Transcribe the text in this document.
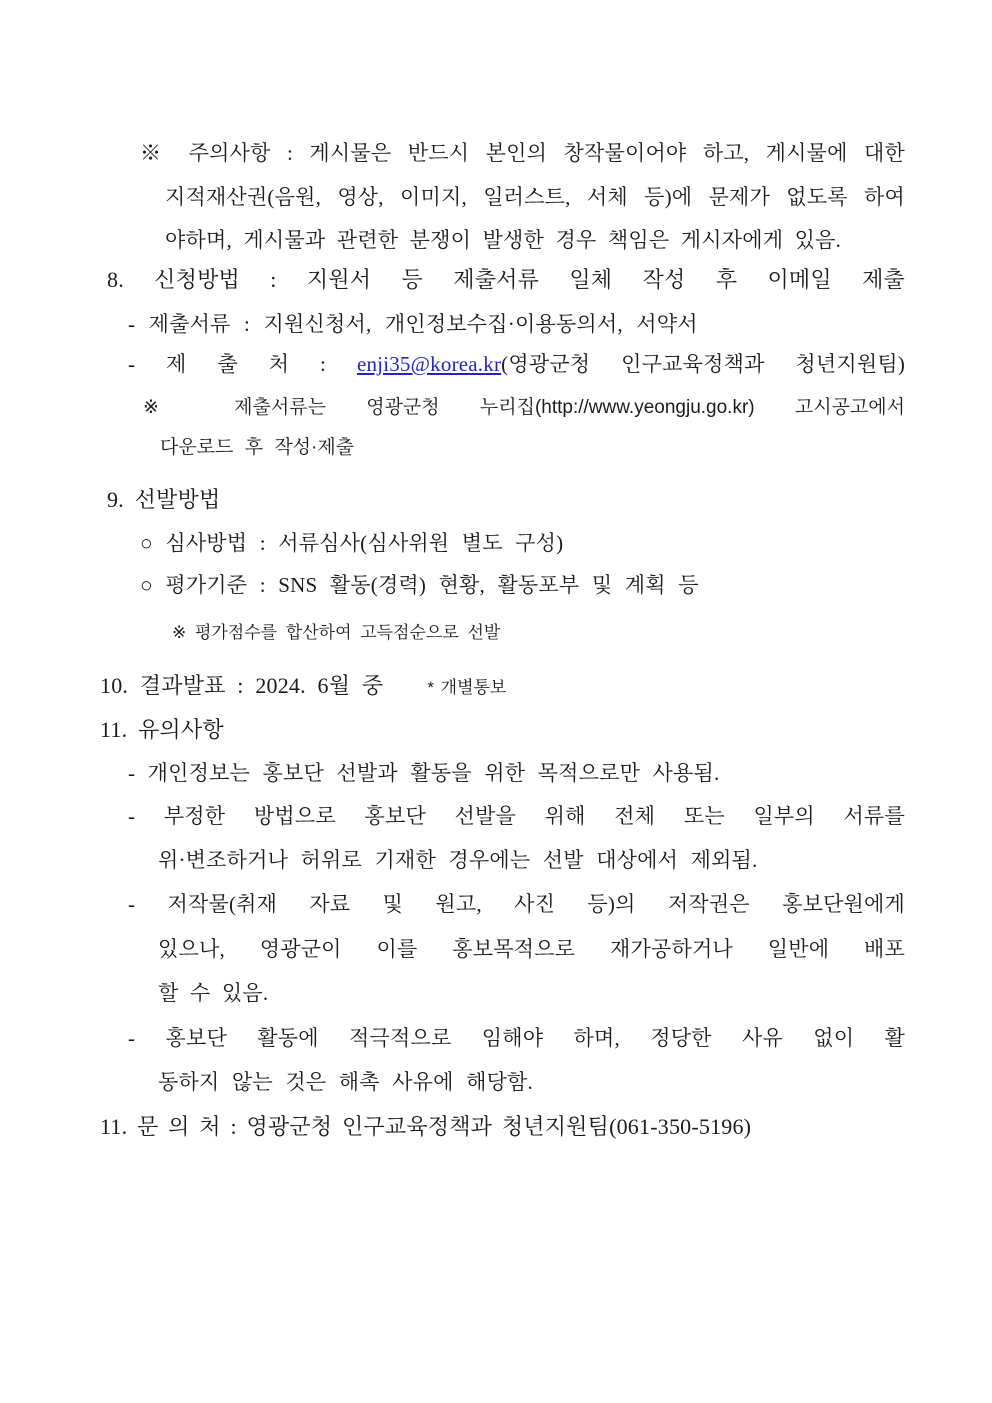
※ 주의사항 : 게시물은 반드시 본인의 창작물이어야 하고, 게시물에 대한
지적재산권(음원, 영상, 이미지, 일러스트, 서체 등)에 문제가 없도록 하여
야하며, 게시물과 관련한 분쟁이 발생한 경우 책임은 게시자에게 있음.
8. 신청방법 : 지원서 등 제출서류 일체 작성 후 이메일 제출
- 제출서류 : 지원신청서, 개인정보수집·이용동의서, 서약서
- 제 출 처 : enji35@korea.kr(영광군청 인구교육정책과 청년지원팀)
※ 제출서류는 영광군청 누리집(http://www.yeongju.go.kr) 고시공고에서
다운로드 후 작성·제출
9. 선발방법
○ 심사방법 : 서류심사(심사위원 별도 구성)
○ 평가기준 : SNS 활동(경력) 현황, 활동포부 및 계획 등
※ 평가점수를 합산하여 고득점순으로 선발
10. 결과발표 : 2024. 6월 중	* 개별통보
11. 유의사항
- 개인정보는 홍보단 선발과 활동을 위한 목적으로만 사용됨.
- 부정한 방법으로 홍보단 선발을 위해 전체 또는 일부의 서류를
위·변조하거나 허위로 기재한 경우에는 선발 대상에서 제외됨.
- 저작물(취재 자료 및 원고, 사진 등)의 저작권은 홍보단원에게
있으나, 영광군이 이를 홍보목적으로 재가공하거나 일반에 배포
할 수 있음.
- 홍보단 활동에 적극적으로 임해야 하며, 정당한 사유 없이 활
동하지 않는 것은 해촉 사유에 해당함.
11. 문 의 처 : 영광군청 인구교육정책과 청년지원팀(061-350-5196)
